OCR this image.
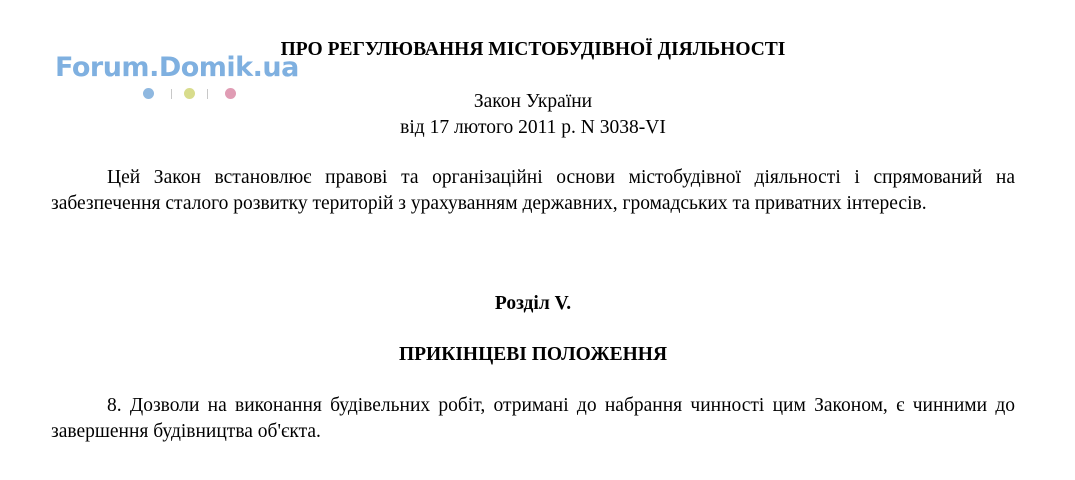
ПРО РЕГУЛЮВАННЯ МІСТОБУДІВНОЇ ДІЯЛЬНОСТІ
Закон України
від 17 лютого 2011 р. N 3038-VI

Цей Закон встановлює правові та організаційні основи містобудівної діяльності і спрямований на забезпечення сталого розвитку територій з урахуванням державних, громадських та приватних інтересів.

Розділ V.
ПРИКІНЦЕВІ ПОЛОЖЕННЯ

8. Дозволи на виконання будівельних робіт, отримані до набрання чинності цим Законом, є чинними до завершення будівництва об'єкта.

Forum.Domik.ua
